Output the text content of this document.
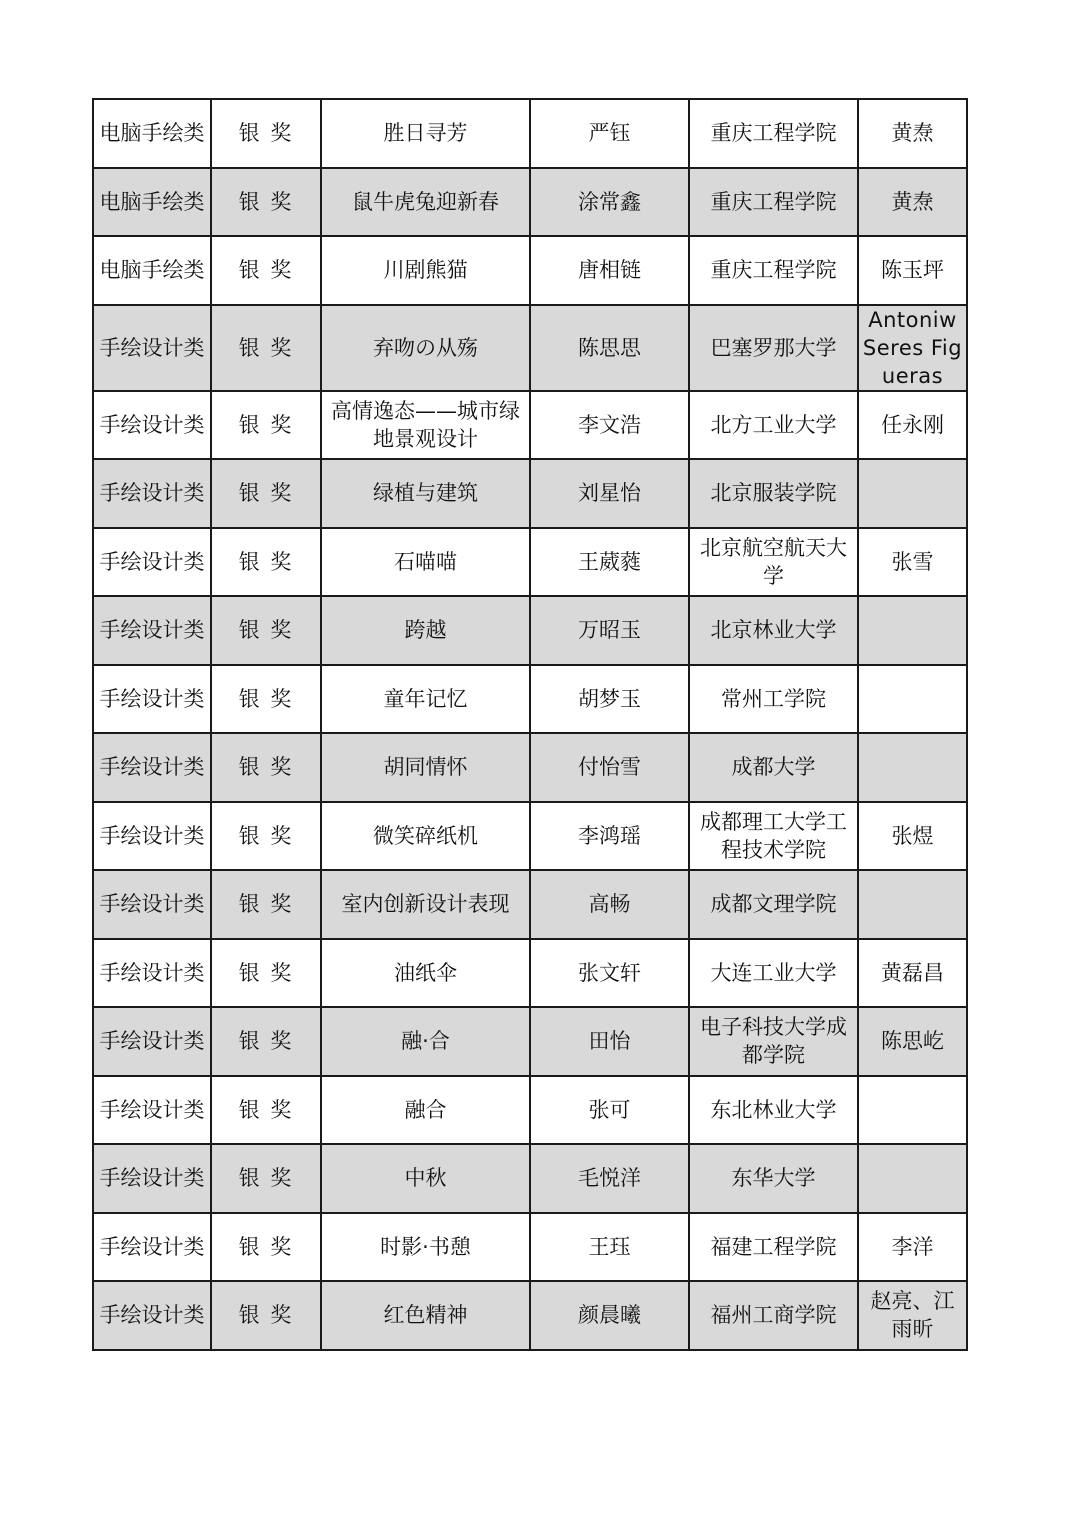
电脑手绘类	银 奖	胜日寻芳	严钰	重庆工程学院	黄焘
电脑手绘类	银 奖	鼠牛虎兔迎新春	涂常鑫	重庆工程学院	黄焘
电脑手绘类	银 奖	川剧熊猫	唐相链	重庆工程学院	陈玉坪
手绘设计类	银 奖	弃吻の从殇	陈思思	巴塞罗那大学	Antoniw Seres Figueras
手绘设计类	银 奖	高情逸态——城市绿地景观设计	李文浩	北方工业大学	任永刚
手绘设计类	银 奖	绿植与建筑	刘星怡	北京服装学院	
手绘设计类	银 奖	石喵喵	王葳蕤	北京航空航天大学	张雪
手绘设计类	银 奖	跨越	万昭玉	北京林业大学	
手绘设计类	银 奖	童年记忆	胡梦玉	常州工学院	
手绘设计类	银 奖	胡同情怀	付怡雪	成都大学	
手绘设计类	银 奖	微笑碎纸机	李鸿瑶	成都理工大学工程技术学院	张煜
手绘设计类	银 奖	室内创新设计表现	高畅	成都文理学院	
手绘设计类	银 奖	油纸伞	张文轩	大连工业大学	黄磊昌
手绘设计类	银 奖	融·合	田怡	电子科技大学成都学院	陈思屹
手绘设计类	银 奖	融合	张可	东北林业大学	
手绘设计类	银 奖	中秋	毛悦洋	东华大学	
手绘设计类	银 奖	时影·书憩	王珏	福建工程学院	李洋
手绘设计类	银 奖	红色精神	颜晨曦	福州工商学院	赵亮、江雨昕
